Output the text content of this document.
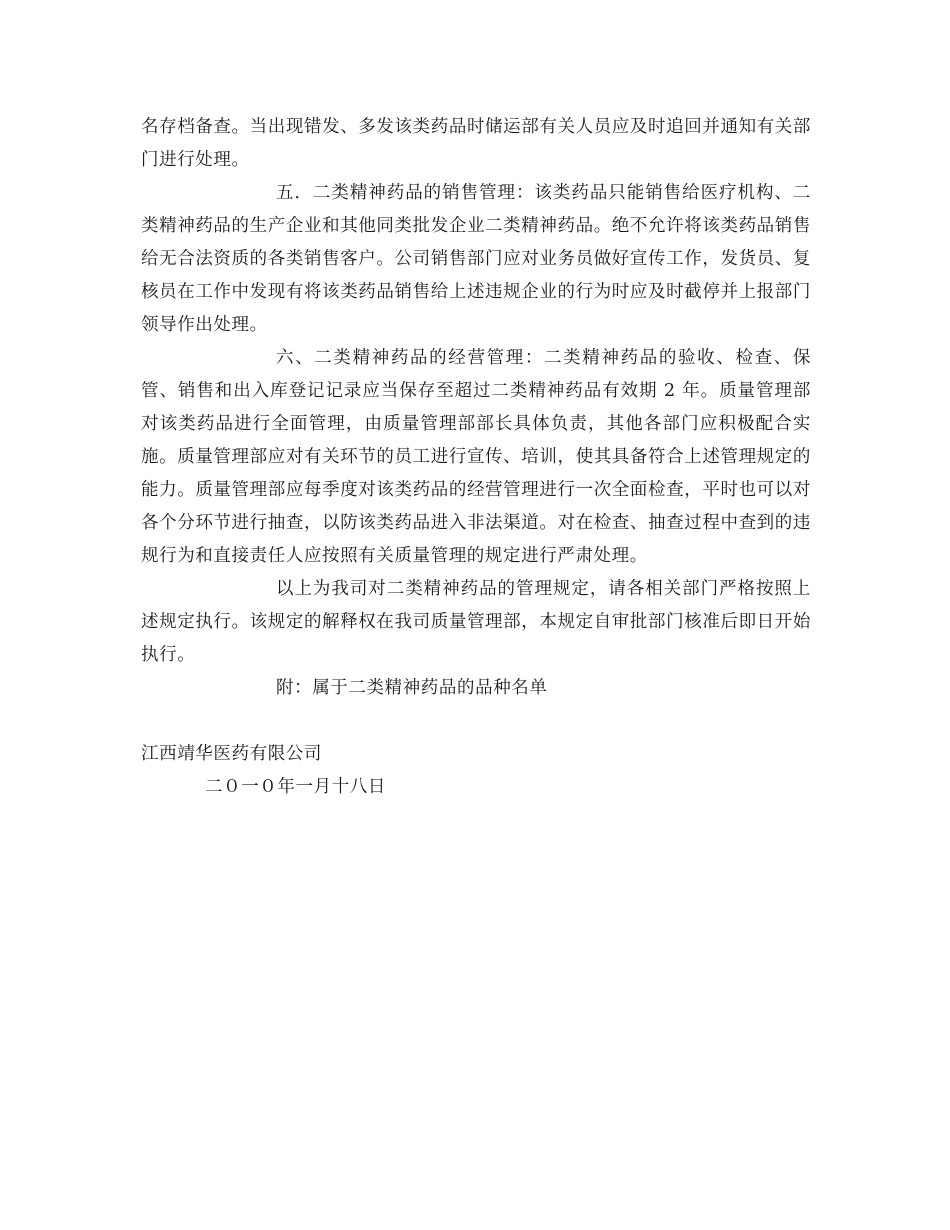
名存档备查。当出现错发、多发该类药品时储运部有关人员应及时追回并通知有关部门进行处理。

五．二类精神药品的销售管理：该类药品只能销售给医疗机构、二类精神药品的生产企业和其他同类批发企业二类精神药品。绝不允许将该类药品销售给无合法资质的各类销售客户。公司销售部门应对业务员做好宣传工作，发货员、复核员在工作中发现有将该类药品销售给上述违规企业的行为时应及时截停并上报部门领导作出处理。

六、二类精神药品的经营管理：二类精神药品的验收、检查、保管、销售和出入库登记记录应当保存至超过二类精神药品有效期 2 年。质量管理部对该类药品进行全面管理，由质量管理部部长具体负责，其他各部门应积极配合实施。质量管理部应对有关环节的员工进行宣传、培训，使其具备符合上述管理规定的能力。质量管理部应每季度对该类药品的经营管理进行一次全面检查，平时也可以对各个分环节进行抽查，以防该类药品进入非法渠道。对在检查、抽查过程中查到的违规行为和直接责任人应按照有关质量管理的规定进行严肃处理。

以上为我司对二类精神药品的管理规定，请各相关部门严格按照上述规定执行。该规定的解释权在我司质量管理部，本规定自审批部门核准后即日开始执行。

附：属于二类精神药品的品种名单

江西靖华医药有限公司

二０一０年一月十八日
